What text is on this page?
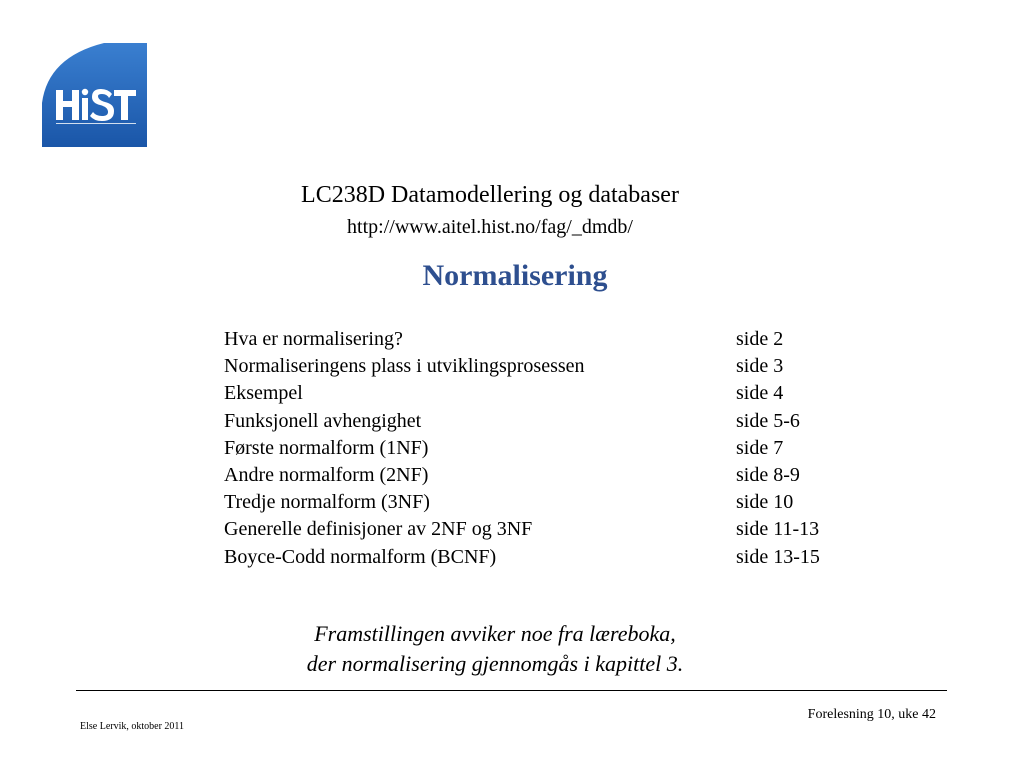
LC238D Datamodellering og databaser
http://www.aitel.hist.no/fag/_dmdb/
Normalisering
Hva er normalisering?	side 2
Normaliseringens plass i utviklingsprosessen	side 3
Eksempel	side 4
Funksjonell avhengighet	side 5-6
Første normalform (1NF)	side 7
Andre normalform (2NF)	side 8-9
Tredje normalform (3NF)	side 10
Generelle definisjoner av 2NF og 3NF	side 11-13
Boyce-Codd normalform (BCNF)	side 13-15
Framstillingen avviker noe fra læreboka,
der normalisering gjennomgås i kapittel 3.
Forelesning 10, uke 42
Else Lervik, oktober 2011
